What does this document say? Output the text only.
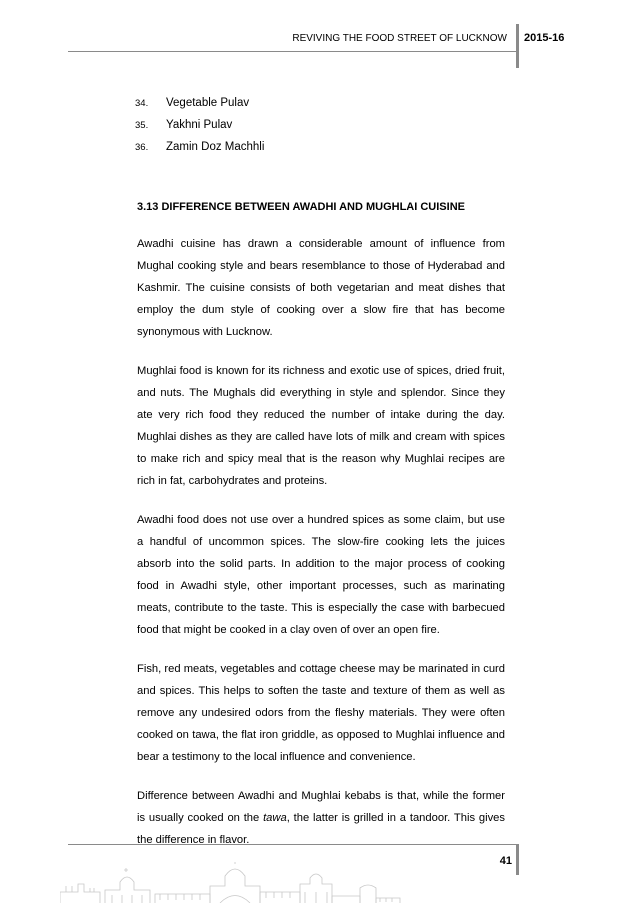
REVIVING THE FOOD STREET OF LUCKNOW 2015-16
34.	Vegetable Pulav
35.	Yakhni Pulav
36.	Zamin Doz Machhli
3.13 DIFFERENCE BETWEEN AWADHI AND MUGHLAI CUISINE

Awadhi cuisine has drawn a considerable amount of influence from Mughal cooking style and bears resemblance to those of Hyderabad and Kashmir. The cuisine consists of both vegetarian and meat dishes that employ the dum style of cooking over a slow fire that has become synonymous with Lucknow.

Mughlai food is known for its richness and exotic use of spices, dried fruit, and nuts. The Mughals did everything in style and splendor. Since they ate very rich food they reduced the number of intake during the day. Mughlai dishes as they are called have lots of milk and cream with spices to make rich and spicy meal that is the reason why Mughlai recipes are rich in fat, carbohydrates and proteins.

Awadhi food does not use over a hundred spices as some claim, but use a handful of uncommon spices. The slow-fire cooking lets the juices absorb into the solid parts. In addition to the major process of cooking food in Awadhi style, other important processes, such as marinating meats, contribute to the taste. This is especially the case with barbecued food that might be cooked in a clay oven of over an open fire.

Fish, red meats, vegetables and cottage cheese may be marinated in curd and spices. This helps to soften the taste and texture of them as well as remove any undesired odors from the fleshy materials. They were often cooked on tawa, the flat iron griddle, as opposed to Mughlai influence and bear a testimony to the local influence and convenience.

Difference between Awadhi and Mughlai kebabs is that, while the former is usually cooked on the tawa, the latter is grilled in a tandoor. This gives the difference in flavor.

41
